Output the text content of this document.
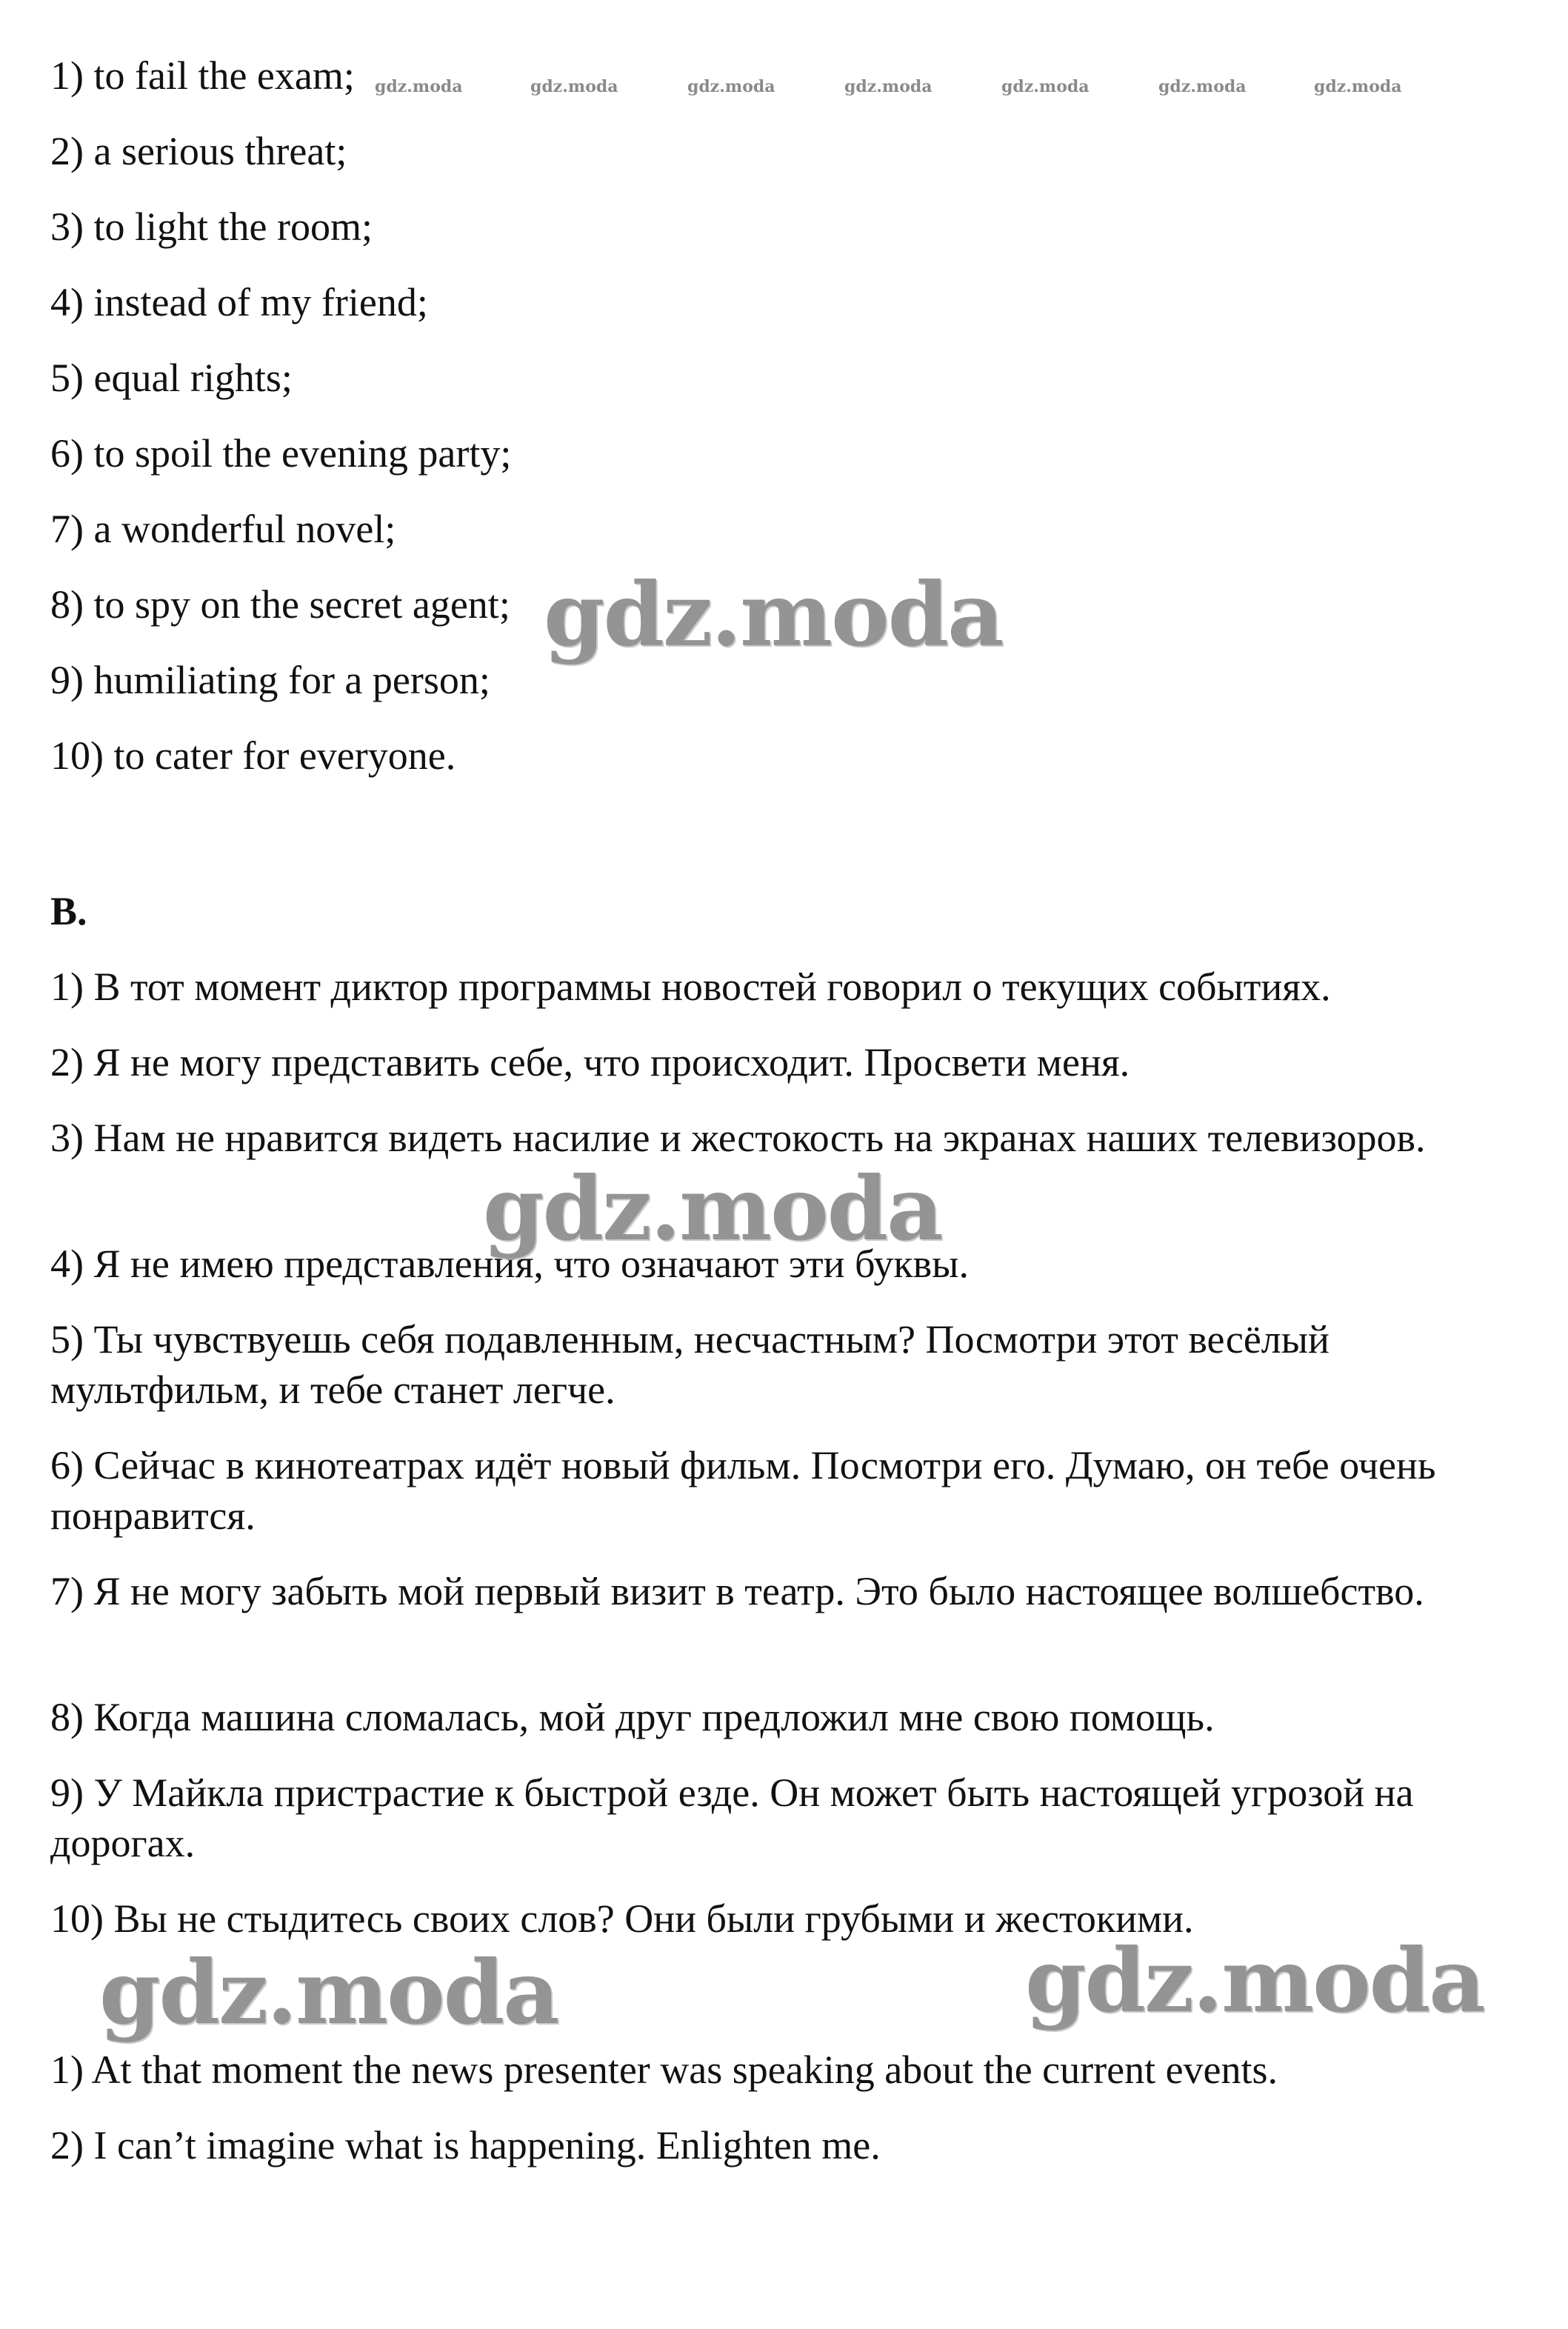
1) to fail the exam;
2) a serious threat;
3) to light the room;
4) instead of my friend;
5) equal rights;
6) to spoil the evening party;
7) a wonderful novel;
8) to spy on the secret agent;
9) humiliating for a person;
10) to cater for everyone.
B.
1) В тот момент диктор программы новостей говорил о текущих событиях.
2) Я не могу представить себе, что происходит. Просвети меня.
3) Нам не нравится видеть насилие и жестокость на экранах наших телевизоров.
4) Я не имею представления, что означают эти буквы.
5) Ты чувствуешь себя подавленным, несчастным? Посмотри этот весёлый мультфильм, и тебе станет легче.
6) Сейчас в кинотеатрах идёт новый фильм. Посмотри его. Думаю, он тебе очень понравится.
7) Я не могу забыть мой первый визит в театр. Это было настоящее волшебство.
8) Когда машина сломалась, мой друг предложил мне свою помощь.
9) У Майкла пристрастие к быстрой езде. Он может быть настоящей угрозой на дорогах.
10) Вы не стыдитесь своих слов? Они были грубыми и жестокими.
1) At that moment the news presenter was speaking about the current events.
2) I can’t imagine what is happening. Enlighten me.
gdz.moda	gdz.moda	gdz.moda	gdz.moda	gdz.moda	gdz.moda	gdz.moda
gdz.moda
gdz.moda
gdz.moda	gdz.moda
